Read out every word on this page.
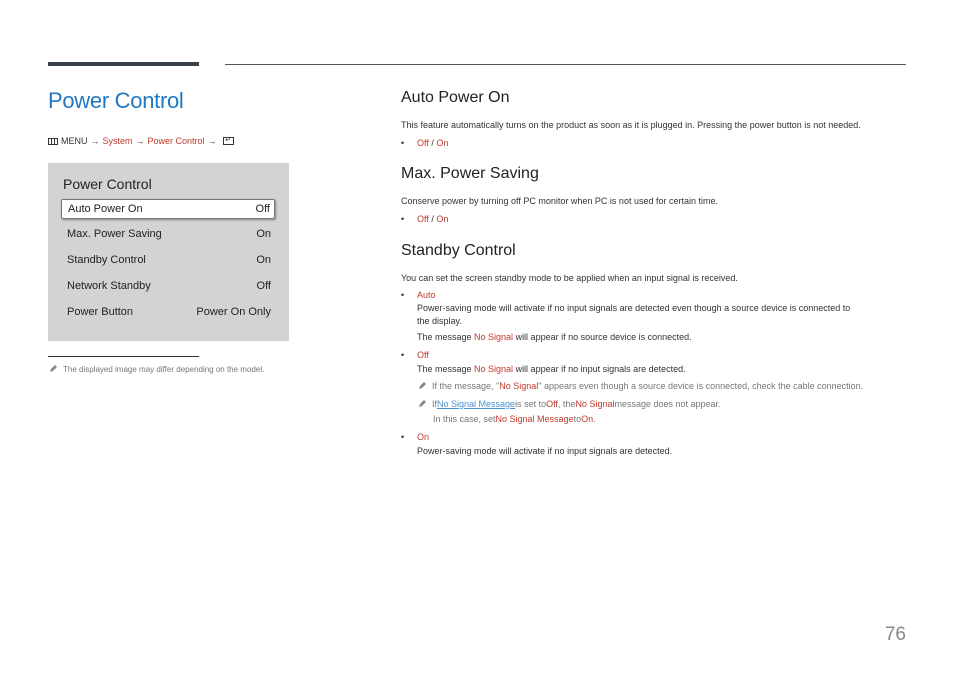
Power Control
MENU → System → Power Control →	↵
Power Control
Auto Power On	Off
Max. Power Saving	On
Standby Control	On
Network Standby	Off
Power Button	Power On Only
The displayed image may differ depending on the model.
Auto Power On
This feature automatically turns on the product as soon as it is plugged in. Pressing the power button is not needed.
• Off / On
Max. Power Saving
Conserve power by turning off PC monitor when PC is not used for certain time.
• Off / On
Standby Control
You can set the screen standby mode to be applied when an input signal is received.
• Auto
Power-saving mode will activate if no input signals are detected even though a source device is connected to
the display.
The message No Signal will appear if no source device is connected.
• Off
The message No Signal will appear if no input signals are detected.
If the message, " No Signal " appears even though a source device is connected, check the cable connection.
If No Signal Message is set to Off , the No Signal message does not appear.
In this case, set No Signal Message to On .
• On
Power-saving mode will activate if no input signals are detected.
76
